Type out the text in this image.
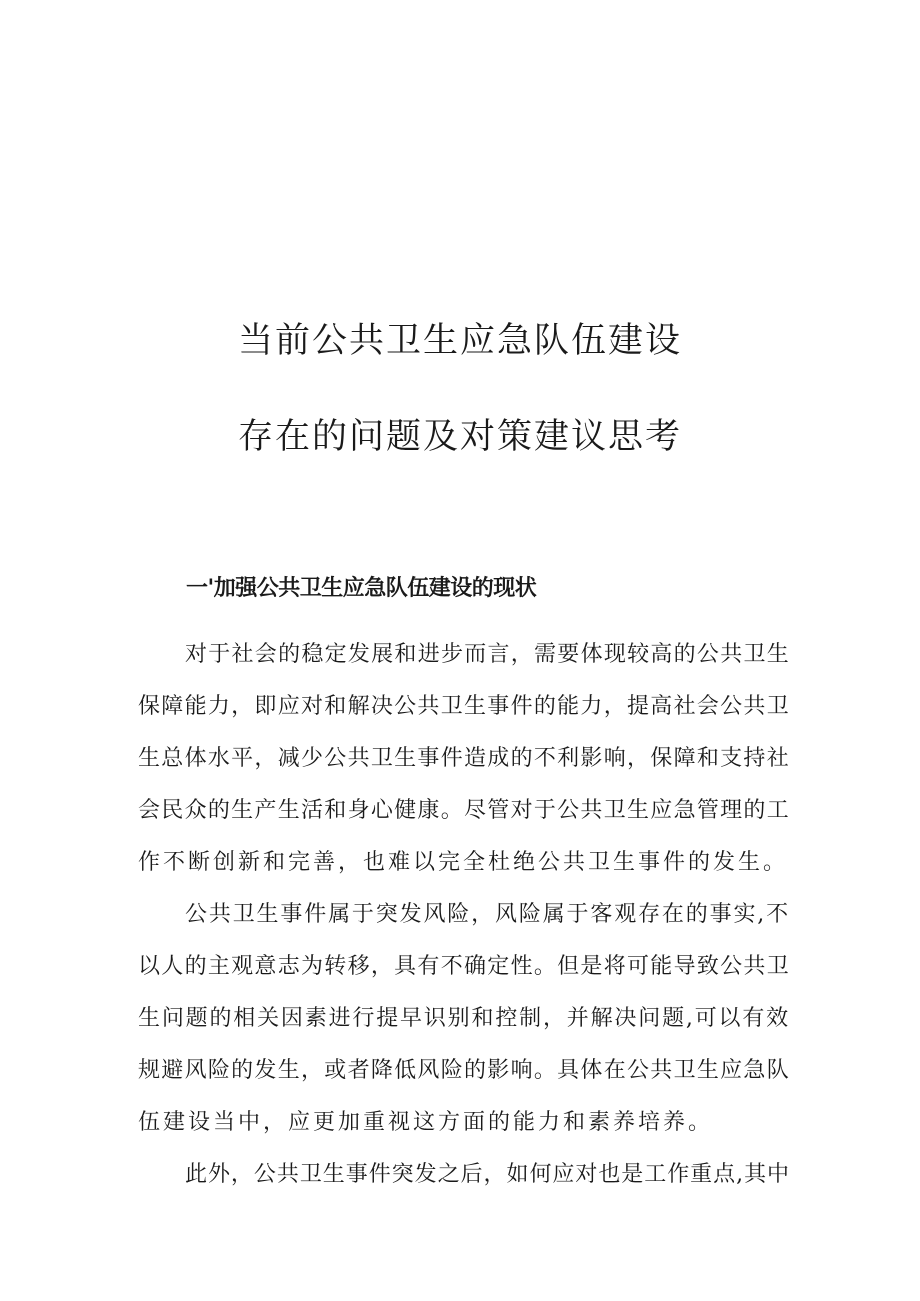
当前公共卫生应急队伍建设
存在的问题及对策建议思考
一'加强公共卫生应急队伍建设的现状
对于社会的稳定发展和进步而言，需要体现较高的公共卫生
保障能力，即应对和解决公共卫生事件的能力，提高社会公共卫
生总体水平，减少公共卫生事件造成的不利影响，保障和支持社
会民众的生产生活和身心健康。尽管对于公共卫生应急管理的工
作不断创新和完善，也难以完全杜绝公共卫生事件的发生。
公共卫生事件属于突发风险，风险属于客观存在的事实,不
以人的主观意志为转移，具有不确定性。但是将可能导致公共卫
生问题的相关因素进行提早识别和控制，并解决问题,可以有效
规避风险的发生，或者降低风险的影响。具体在公共卫生应急队
伍建设当中，应更加重视这方面的能力和素养培养。
此外，公共卫生事件突发之后，如何应对也是工作重点,其中
